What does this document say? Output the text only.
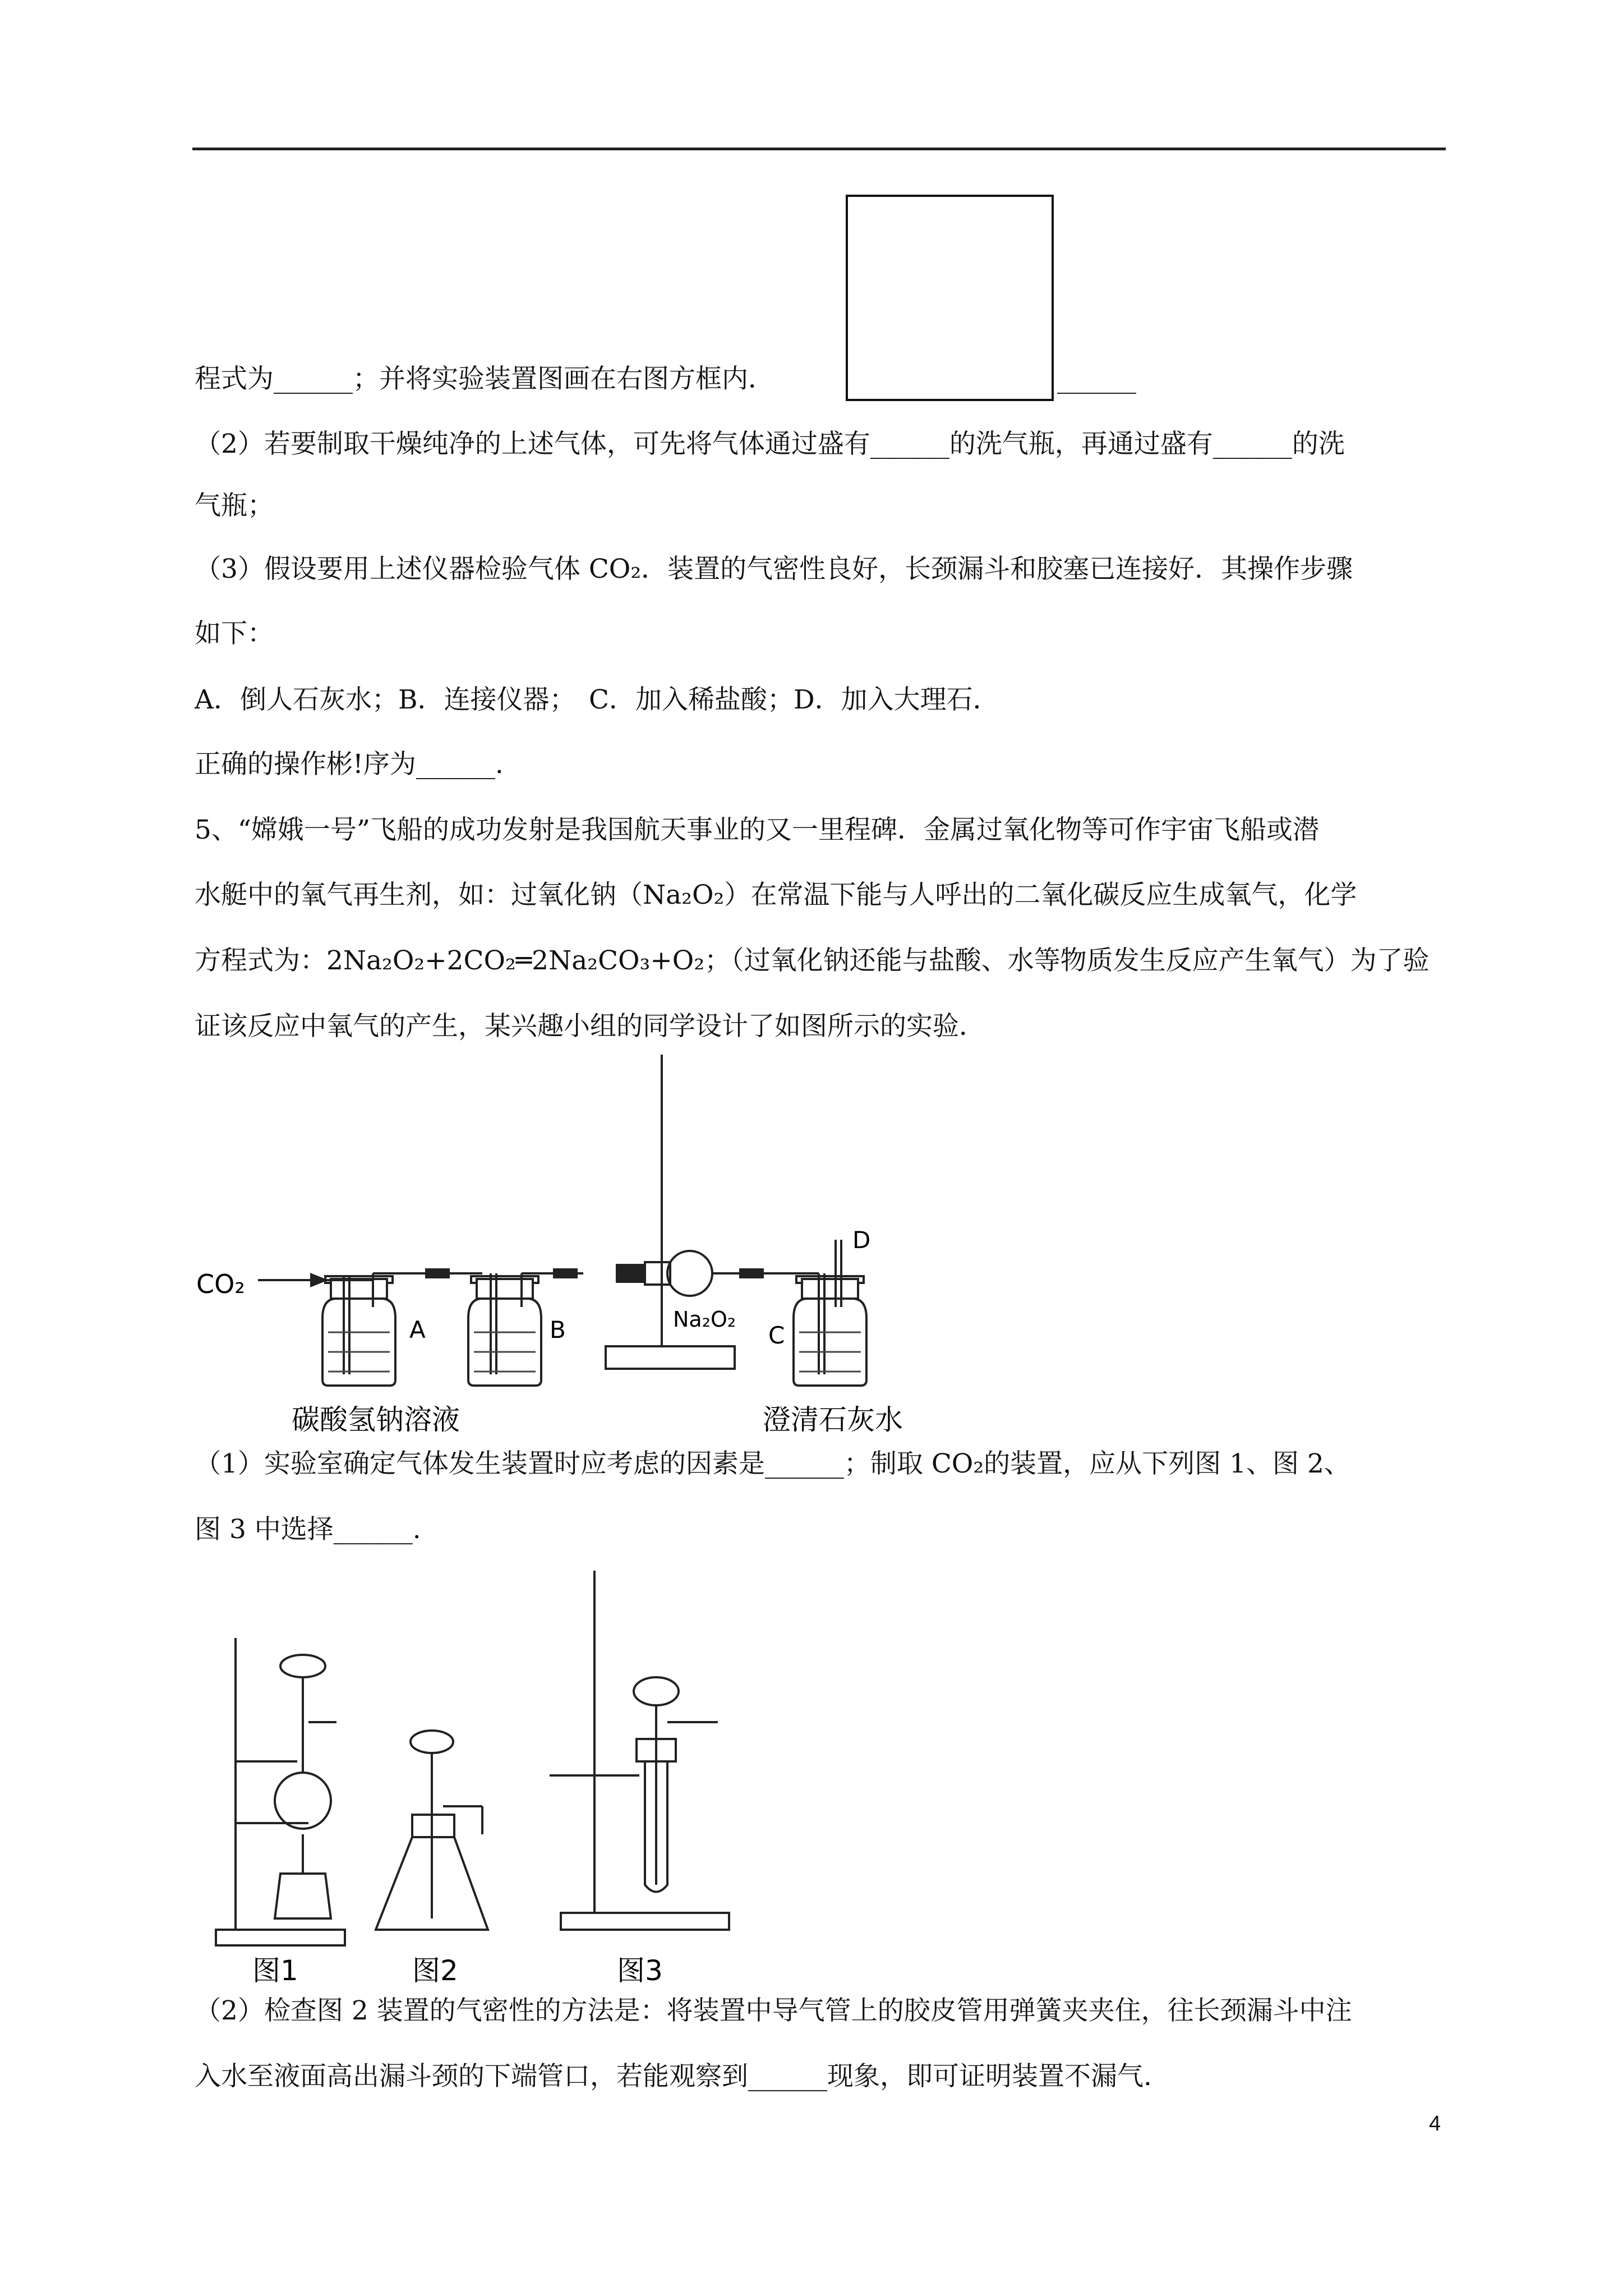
程式为______；并将实验装置图画在右图方框内．	______
（2）若要制取干燥纯净的上述气体，可先将气体通过盛有______的洗气瓶，再通过盛有______的洗
气瓶；
（3）假设要用上述仪器检验气体 CO₂．装置的气密性良好，长颈漏斗和胶塞已连接好．其操作步骤
如下：
A．倒人石灰水；B．连接仪器；　C．加入稀盐酸；D．加入大理石．
正确的操作彬!序为______.
5、“嫦娥一号”飞船的成功发射是我国航天事业的又一里程碑．金属过氧化物等可作宇宙飞船或潜
水艇中的氧气再生剂，如：过氧化钠（Na₂O₂）在常温下能与人呼出的二氧化碳反应生成氧气，化学
方程式为：2Na₂O₂+2CO₂═2Na₂CO₃+O₂；（过氧化钠还能与盐酸、水等物质发生反应产生氧气）为了验
证该反应中氧气的产生，某兴趣小组的同学设计了如图所示的实验．
CO₂
A	B	C
D
Na₂O₂
碳酸氢钠溶液	澄清石灰水
（1）实验室确定气体发生装置时应考虑的因素是______；制取 CO₂的装置，应从下列图 1、图 2、
图 3 中选择______.
图1	图2	图3
（2）检查图 2 装置的气密性的方法是：将装置中导气管上的胶皮管用弹簧夹夹住，往长颈漏斗中注
入水至液面高出漏斗颈的下端管口，若能观察到______现象，即可证明装置不漏气.
4
